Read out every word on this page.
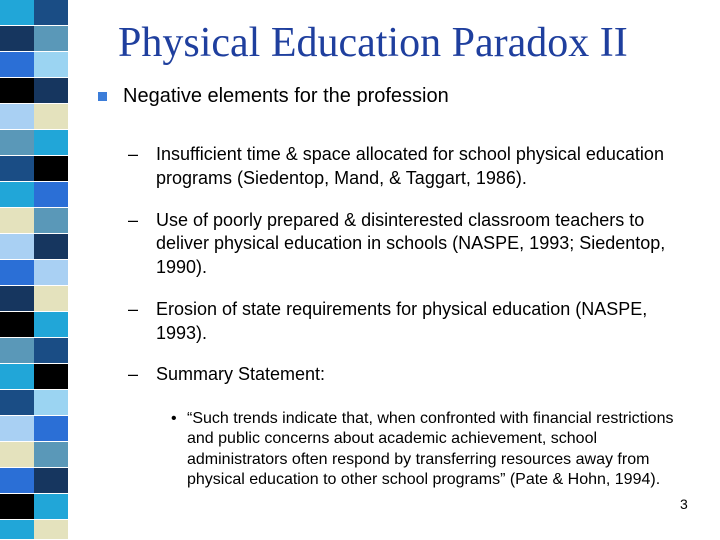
Physical Education Paradox II
Negative elements for the profession
– Insufficient time & space allocated for school physical education programs (Siedentop, Mand, & Taggart, 1986).
– Use of poorly prepared & disinterested classroom teachers to deliver physical education in schools (NASPE, 1993; Siedentop, 1990).
– Erosion of state requirements for physical education (NASPE, 1993).
– Summary Statement:
• “Such trends indicate that, when confronted with financial restrictions and public concerns about academic achievement, school administrators often respond by transferring resources away from physical education to other school programs” (Pate & Hohn, 1994).
3
